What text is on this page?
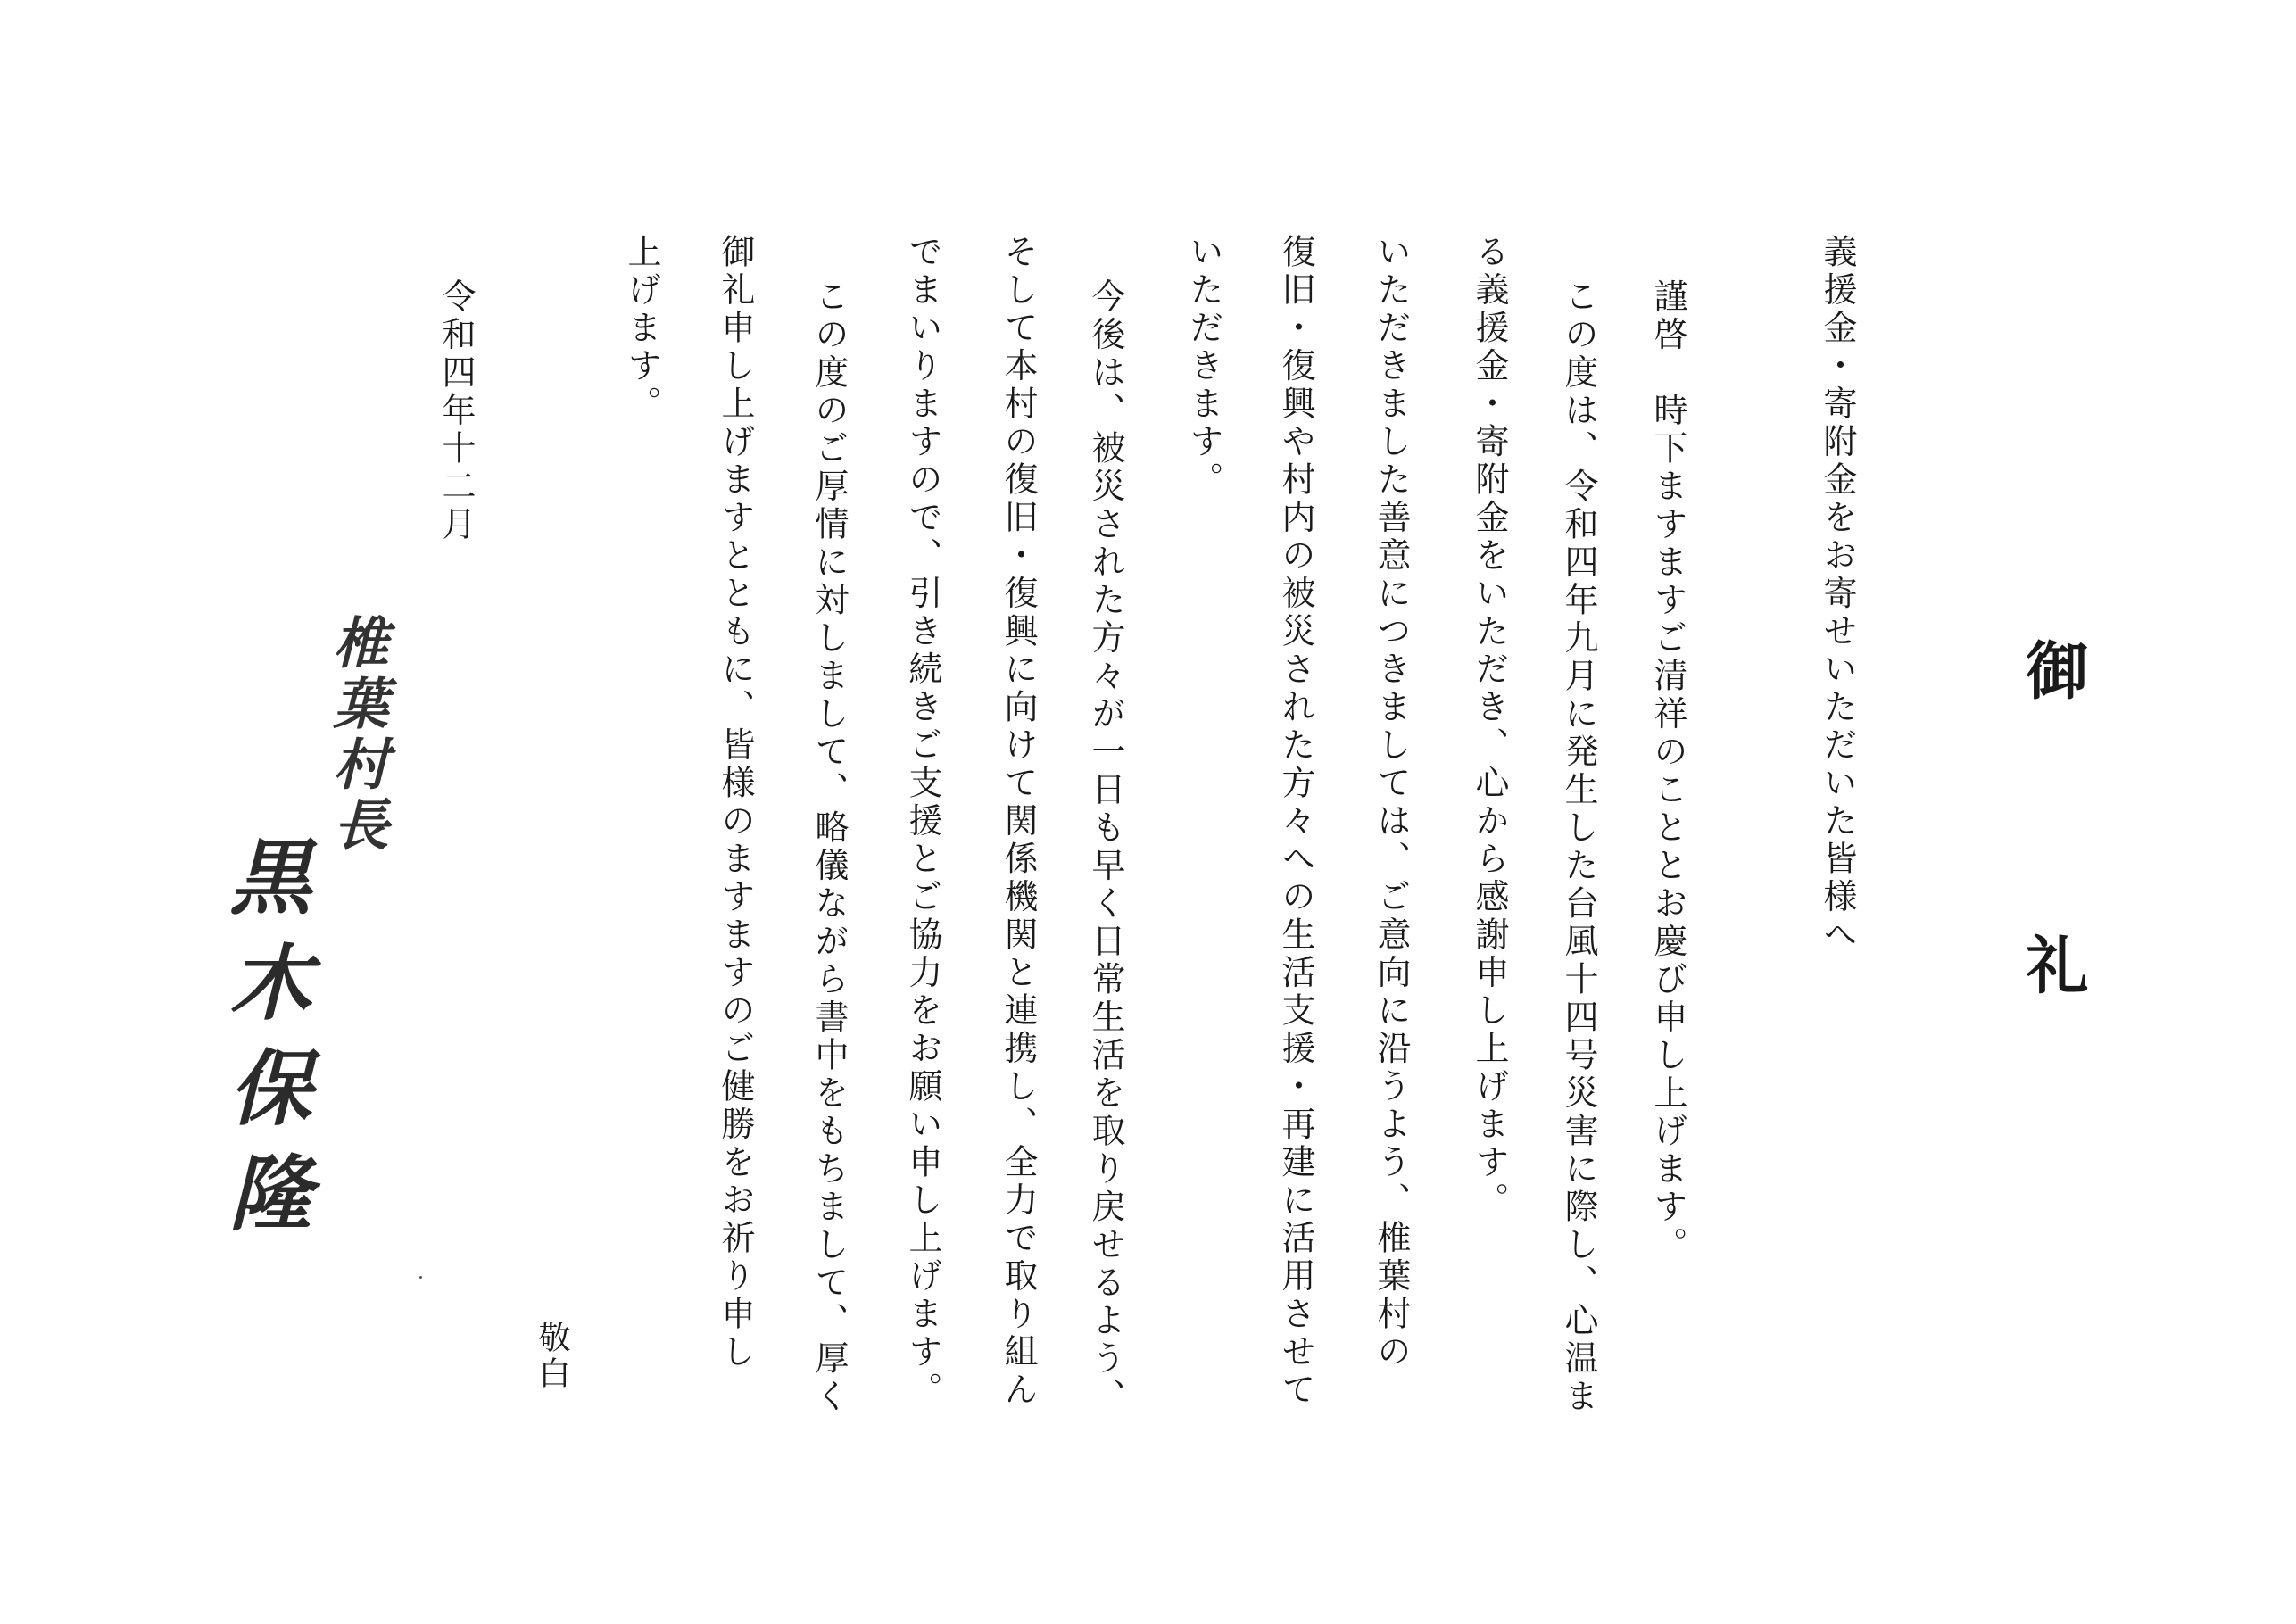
御
礼
義援金・寄附金をお寄せいただいた皆様へ
謹啓　時下ますますご清祥のこととお慶び申し上げます。
この度は、令和四年九月に発生した台風十四号災害に際し、心温ま
る義援金・寄附金をいただき、心から感謝申し上げます。
いただきました善意につきましては、ご意向に沿うよう、椎葉村の
復旧・復興や村内の被災された方々への生活支援・再建に活用させて
いただきます。
今後は、被災された方々が一日も早く日常生活を取り戻せるよう、
そして本村の復旧・復興に向けて関係機関と連携し、全力で取り組ん
でまいりますので、引き続きご支援とご協力をお願い申し上げます。
この度のご厚情に対しまして、略儀ながら書中をもちまして、厚く
御礼申し上げますとともに、皆様のますますのご健勝をお祈り申し
上げます。
敬白
令和四年十二月
椎葉村長
黒木保隆
